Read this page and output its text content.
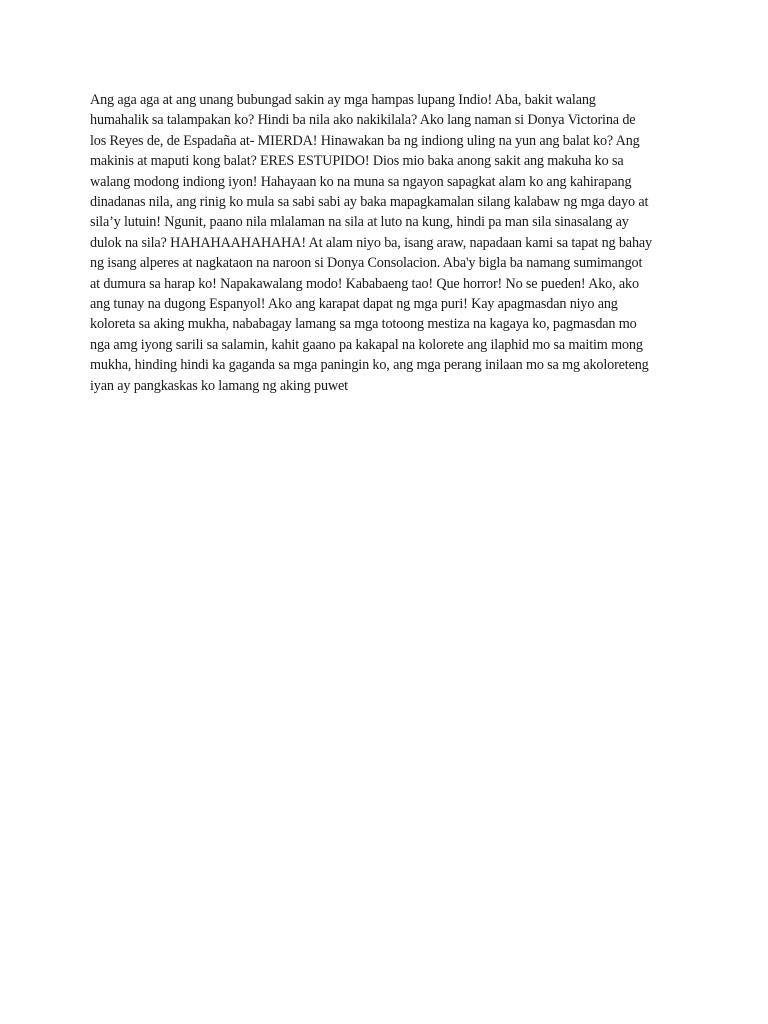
Ang aga aga at ang unang bubungad sakin ay mga hampas lupang Indio! Aba, bakit walang
humahalik sa talampakan ko? Hindi ba nila ako nakikilala? Ako lang naman si Donya Victorina de
los Reyes de, de Espadaña at- MIERDA! Hinawakan ba ng indiong uling na yun ang balat ko? Ang
makinis at maputi kong balat? ERES ESTUPIDO! Dios mio baka anong sakit ang makuha ko sa
walang modong indiong iyon! Hahayaan ko na muna sa ngayon sapagkat alam ko ang kahirapang
dinadanas nila, ang rinig ko mula sa sabi sabi ay baka mapagkamalan silang kalabaw ng mga dayo at
sila’y lutuin! Ngunit, paano nila mlalaman na sila at luto na kung, hindi pa man sila sinasalang ay
dulok na sila? HAHAHAAHAHAHA! At alam niyo ba, isang araw, napadaan kami sa tapat ng bahay
ng isang alperes at nagkataon na naroon si Donya Consolacion. Aba'y bigla ba namang sumimangot
at dumura sa harap ko! Napakawalang modo! Kababaeng tao! Que horror! No se pueden! Ako, ako
ang tunay na dugong Espanyol! Ako ang karapat dapat ng mga puri! Kay apagmasdan niyo ang
koloreta sa aking mukha, nababagay lamang sa mga totoong mestiza na kagaya ko, pagmasdan mo
nga amg iyong sarili sa salamin, kahit gaano pa kakapal na kolorete ang ilaphid mo sa maitim mong
mukha, hinding hindi ka gaganda sa mga paningin ko, ang mga perang inilaan mo sa mg akoloreteng
iyan ay pangkaskas ko lamang ng aking puwet
